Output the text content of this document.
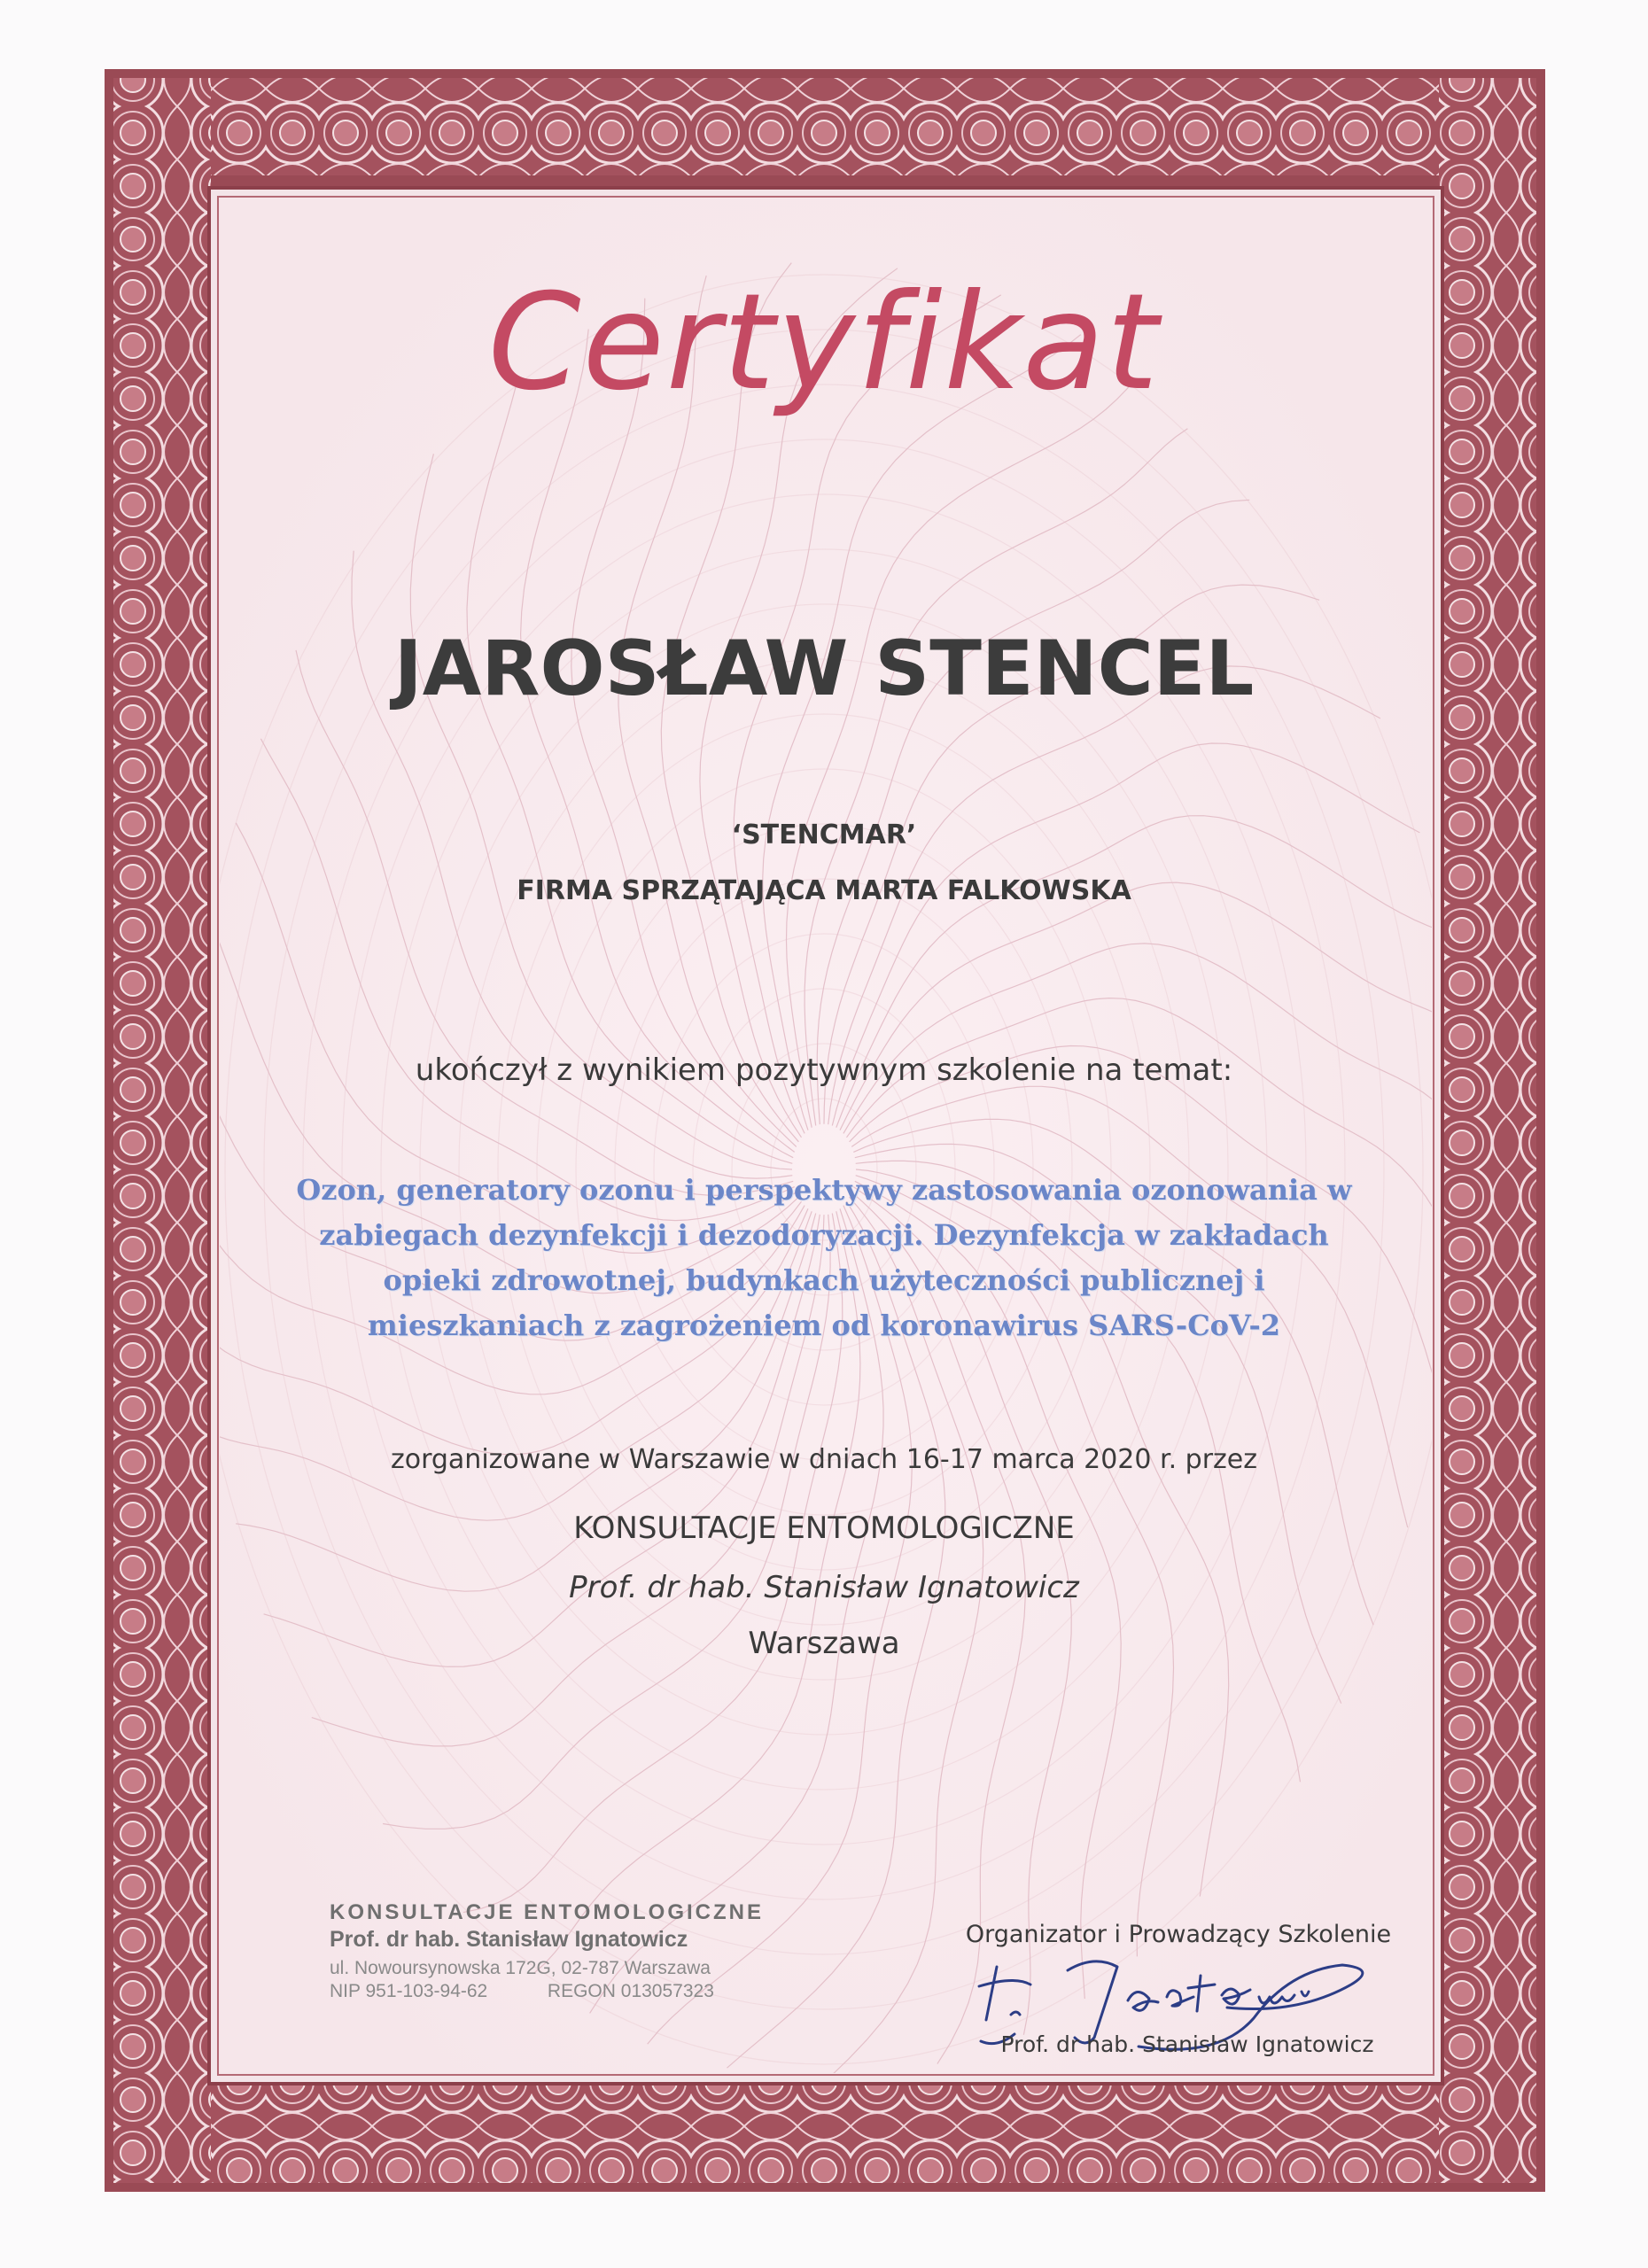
Certyfikat
JAROSŁAW STENCEL
‘STENCMAR’
FIRMA SPRZĄTAJĄCA MARTA FALKOWSKA
ukończył z wynikiem pozytywnym szkolenie na temat:
Ozon, generatory ozonu i perspektywy zastosowania ozonowania w
zabiegach dezynfekcji i dezodoryzacji. Dezynfekcja w zakładach
opieki zdrowotnej, budynkach użyteczności publicznej i
mieszkaniach z zagrożeniem od koronawirus SARS-CoV-2
zorganizowane w Warszawie w dniach 16-17 marca 2020 r. przez
KONSULTACJE ENTOMOLOGICZNE
Prof. dr hab. Stanisław Ignatowicz
Warszawa
KONSULTACJE ENTOMOLOGICZNE
Prof. dr hab. Stanisław Ignatowicz
ul. Nowoursynowska 172G, 02-787 Warszawa
NIP 951-103-94-62	REGON 013057323
Organizator i Prowadzący Szkolenie
Prof. dr hab. Stanisław Ignatowicz
